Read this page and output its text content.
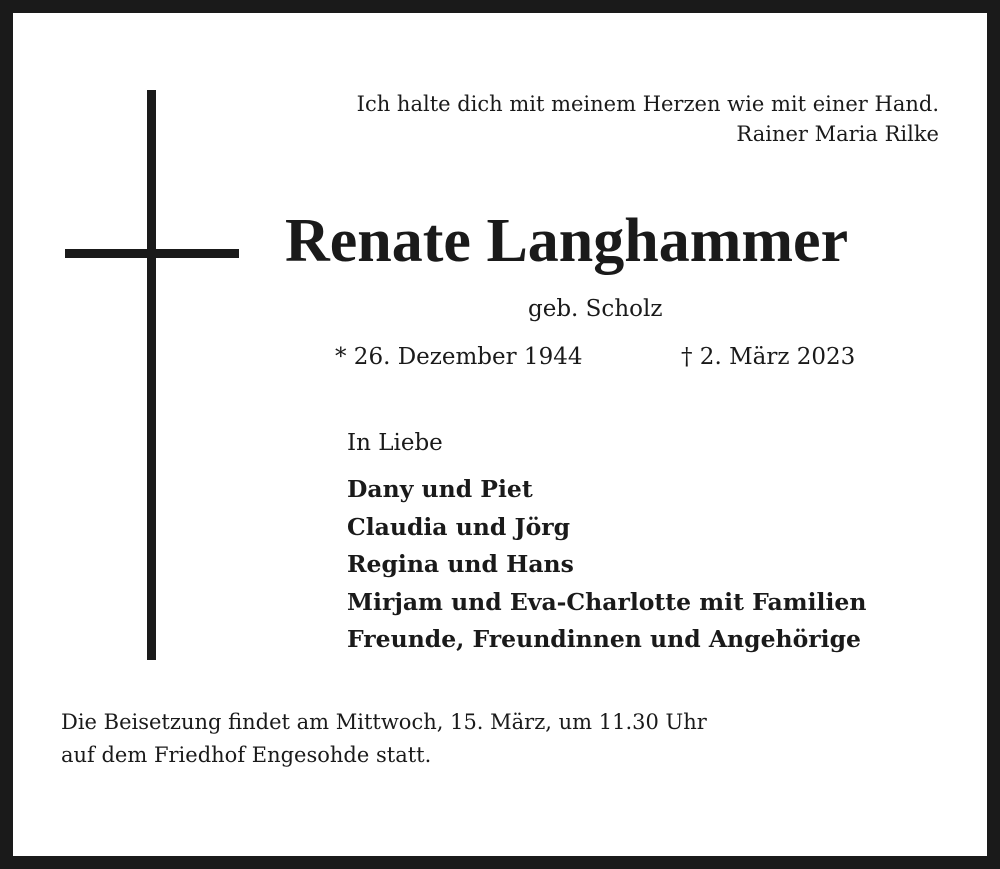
Ich halte dich mit meinem Herzen wie mit einer Hand.
Rainer Maria Rilke
Renate Langhammer
geb. Scholz
* 26. Dezember 1944	† 2. März 2023
In Liebe
Dany und Piet
Claudia und Jörg
Regina und Hans
Mirjam und Eva-Charlotte mit Familien
Freunde, Freundinnen und Angehörige
Die Beisetzung findet am Mittwoch, 15. März, um 11.30 Uhr
auf dem Friedhof Engesohde statt.
